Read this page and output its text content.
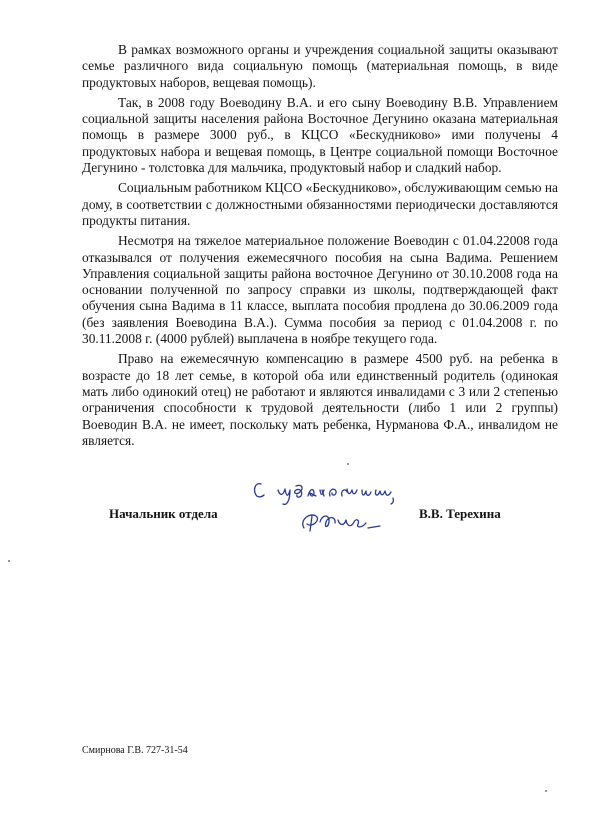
В рамках возможного органы и учреждения социальной защиты оказывают семье различного вида социальную помощь (материальная помощь, в виде продуктовых наборов, вещевая помощь).

Так, в 2008 году Воеводину В.А. и его сыну Воеводину В.В. Управлением социальной защиты населения района Восточное Дегунино оказана материальная помощь в размере 3000 руб., в КЦСО «Бескудниково» ими получены 4 продуктовых набора и вещевая помощь, в Центре социальной помощи Восточное Дегунино - толстовка для мальчика, продуктовый набор и сладкий набор.

Социальным работником КЦСО «Бескудниково», обслуживающим семью на дому, в соответствии с должностными обязанностями периодически доставляются продукты питания.

Несмотря на тяжелое материальное положение Воеводин с 01.04.22008 года отказывался от получения ежемесячного пособия на сына Вадима. Решением Управления социальной защиты района восточное Дегунино от 30.10.2008 года на основании полученной по запросу справки из школы, подтверждающей факт обучения сына Вадима в 11 классе, выплата пособия продлена до 30.06.2009 года (без заявления Воеводина В.А.). Сумма пособия за период с 01.04.2008 г. по 30.11.2008 г. (4000 рублей) выплачена в ноябре текущего года.

Право на ежемесячную компенсацию в размере 4500 руб. на ребенка в возрасте до 18 лет семье, в которой оба или единственный родитель (одинокая мать либо одинокий отец) не работают и являются инвалидами с 3 или 2 степенью ограничения способности к трудовой деятельности (либо 1 или 2 группы) Воеводин В.А. не имеет, поскольку мать ребенка, Нурманова Ф.А., инвалидом не является.

Начальник отдела	В.В. Терехина
Смирнова Г.В. 727-31-54
